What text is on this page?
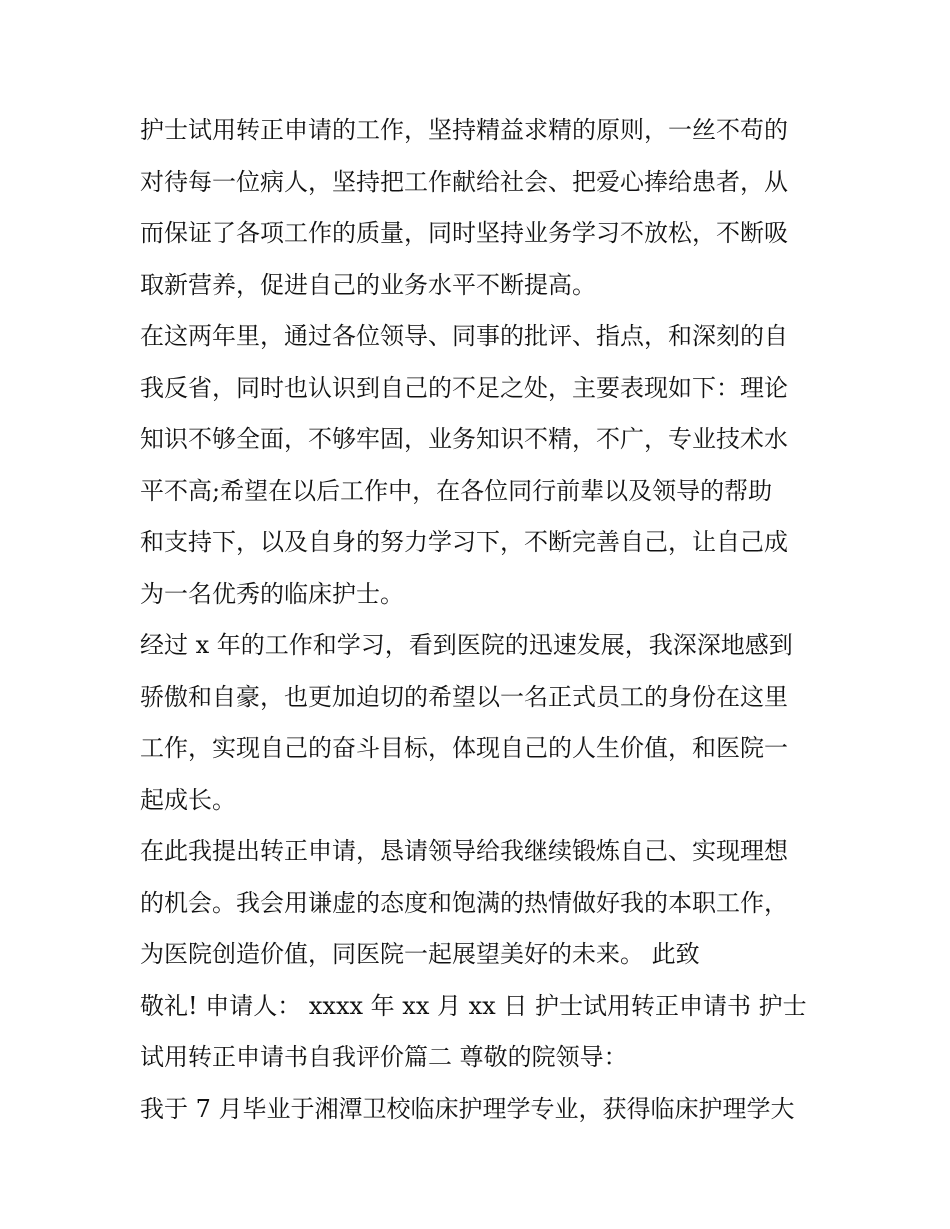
护士试用转正申请的工作，坚持精益求精的原则，一丝不苟的
对待每一位病人，坚持把工作献给社会、把爱心捧给患者，从
而保证了各项工作的质量，同时坚持业务学习不放松，不断吸
取新营养，促进自己的业务水平不断提高。
在这两年里，通过各位领导、同事的批评、指点，和深刻的自
我反省，同时也认识到自己的不足之处，主要表现如下：理论
知识不够全面，不够牢固，业务知识不精，不广，专业技术水
平不高;希望在以后工作中，在各位同行前辈以及领导的帮助
和支持下，以及自身的努力学习下，不断完善自己，让自己成
为一名优秀的临床护士。
经过 x 年的工作和学习，看到医院的迅速发展，我深深地感到
骄傲和自豪，也更加迫切的希望以一名正式员工的身份在这里
工作，实现自己的奋斗目标，体现自己的人生价值，和医院一
起成长。
在此我提出转正申请，恳请领导给我继续锻炼自己、实现理想
的机会。我会用谦虚的态度和饱满的热情做好我的本职工作，
为医院创造价值，同医院一起展望美好的未来。 此致
敬礼! 申请人： xxxx 年 xx 月 xx 日 护士试用转正申请书 护士
试用转正申请书自我评价篇二 尊敬的院领导：
我于 7 月毕业于湘潭卫校临床护理学专业，获得临床护理学大
